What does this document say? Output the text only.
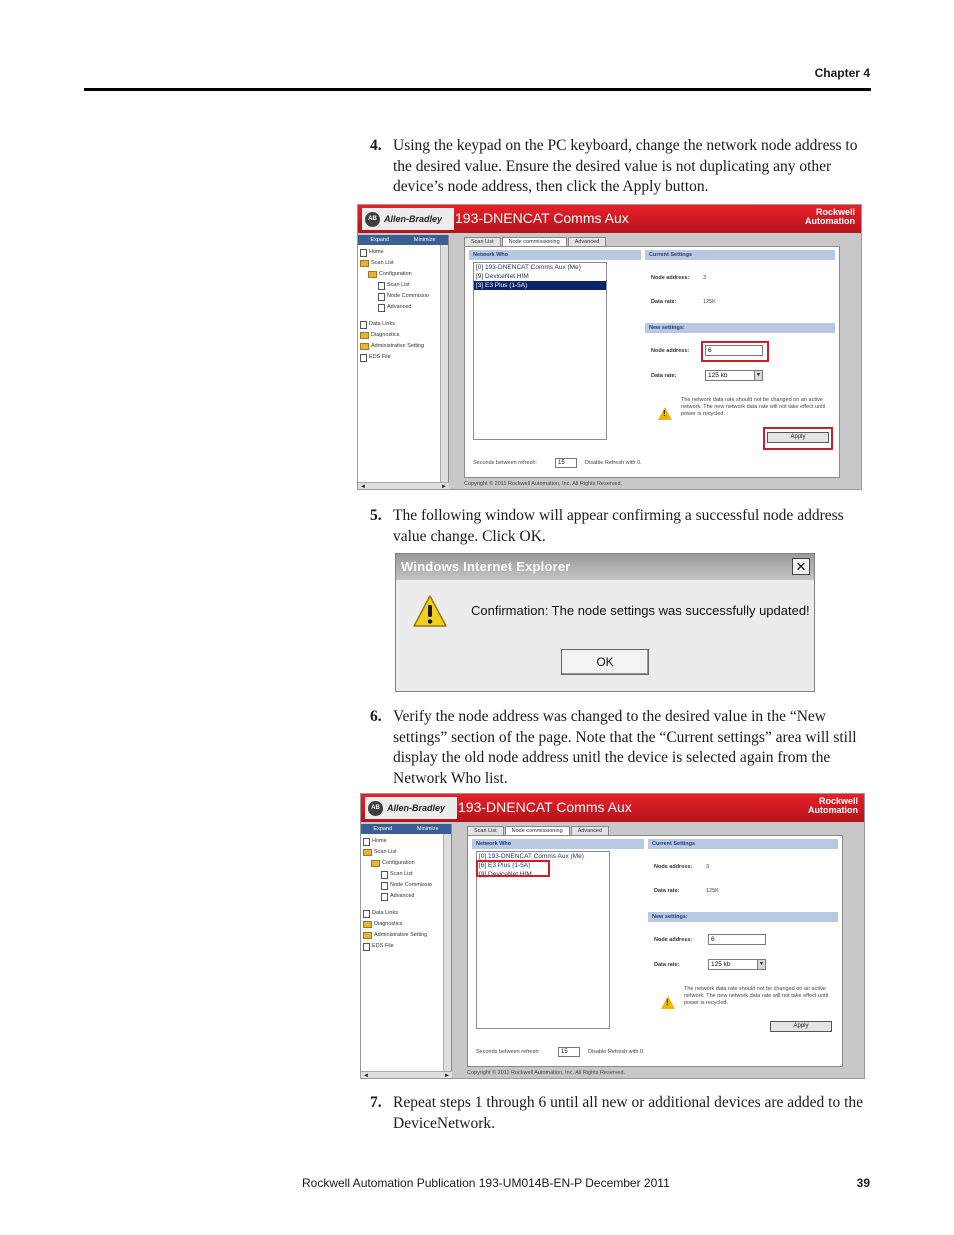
Chapter 4
4. Using the keypad on the PC keyboard, change the network node address to the desired value. Ensure the desired value is not duplicating any other device’s node address, then click the Apply button.
AB Allen-Bradley 193-DNENCAT Comms Aux	Rockwell
Automation
Expand	Minimize
Home
Scan List
Configuration
Scan List
Node Commissio
Advanced
Data Links
Diagnostics
Administrative Setting
EDS File
◄	►
Scan List	Node commissioning	Advanced
Network Who	Current Settings
[0] 193-DNENCAT Comms Aux (Me)
[9] DeviceNet HIM
[3] E3 Plus (1-5A)
Node address:	3
Data rate:	125K
New settings:
Node address:	6
Data rate:	125 kb	▼
!
The network data rate should not be changed on an active network. The new network data rate will not take effect until power is recycled.
Apply
Seconds between refresh:	15	Disable Refresh with 0.
Copyright © 2011 Rockwell Automation, Inc. All Rights Reserved.
5. The following window will appear confirming a successful node address value change. Click OK.
Windows Internet Explorer	✕
Confirmation: The node settings was successfully updated!
OK
6. Verify the node address was changed to the desired value in the “New settings” section of the page. Note that the “Current settings” area will still display the old node address unitl the device is selected again from the Network Who list.
AB Allen-Bradley 193-DNENCAT Comms Aux	Rockwell
Automation
Expand	Minimize
Home
Scan List
Configuration
Scan List
Node Commissio
Advanced
Data Links
Diagnostics
Administrative Setting
EDS File
◄	►
Scan List	Node commissioning	Advanced
Network Who	Current Settings
[0] 193-DNENCAT Comms Aux (Me)
[6] E3 Plus (1-5A)
[9] DeviceNet HIM
Node address:	3
Data rate:	125K
New settings:
Node address:	6
Data rate:	125 kb	▼
!
The network data rate should not be changed on an active network. The new network data rate will not take effect until power is recycled.
Apply
Seconds between refresh:	15	Disable Refresh with 0.
Copyright © 2011 Rockwell Automation, Inc. All Rights Reserved.
7. Repeat steps 1 through 6 until all new or additional devices are added to the DeviceNetwork.
Rockwell Automation Publication 193-UM014B-EN-P December 2011	39
